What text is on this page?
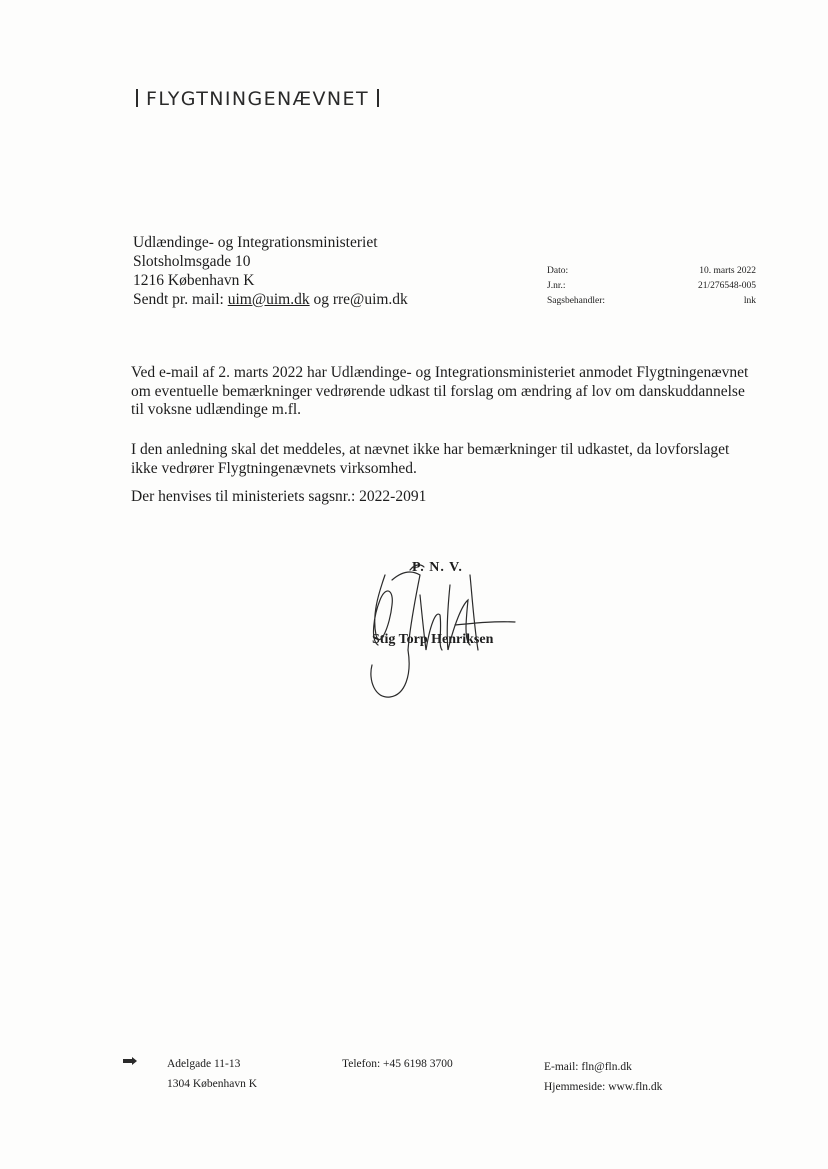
FLYGTNINGENÆVNET
Udlændinge- og Integrationsministeriet
Slotsholmsgade 10
1216 København K
Sendt pr. mail: uim@uim.dk og rre@uim.dk
Dato:	10. marts 2022
J.nr.:	21/276548-005
Sagsbehandler:	lnk

Ved e-mail af 2. marts 2022 har Udlændinge- og Integrationsministeriet anmodet Flygtningenævnet om eventuelle bemærkninger vedrørende udkast til forslag om ændring af lov om danskuddannelse til voksne udlændinge m.fl.

I den anledning skal det meddeles, at nævnet ikke har bemærkninger til udkastet, da lovforslaget ikke vedrører Flygtningenævnets virksomhed.

Der henvises til ministeriets sagsnr.: 2022-2091

P. N. V.
Stig Torp Henriksen
Adelgade 11-13
1304 København K
Telefon: +45 6198 3700	E-mail: fln@fln.dk
Hjemmeside: www.fln.dk
